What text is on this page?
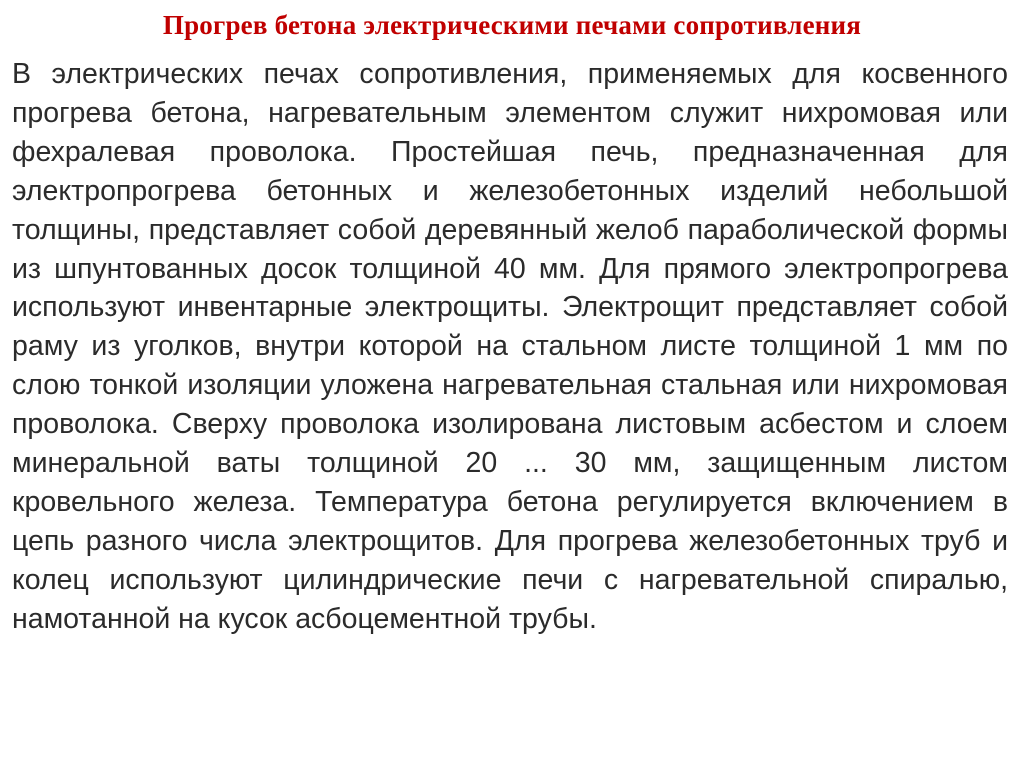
Прогрев бетона электрическими печами сопротивления

В электрических печах сопротивления, применяемых для косвенного прогрева бетона, нагревательным элементом служит нихромовая или фехралевая проволока. Простейшая печь, предназначенная для электропрогрева бетонных и железобетонных изделий небольшой толщины, представляет собой деревянный желоб параболической формы из шпунтованных досок толщиной 40 мм. Для прямого электропрогрева используют инвентарные электрощиты. Электрощит представляет собой раму из уголков, внутри которой на стальном листе толщиной 1 мм по слою тонкой изоляции уложена нагревательная стальная или нихромовая проволока. Сверху проволока изолирована листовым асбестом и слоем минеральной ваты толщиной 20 ... 30 мм, защищенным листом кровельного железа. Температура бетона регулируется включением в цепь разного числа электрощитов. Для прогрева железобетонных труб и колец используют цилиндрические печи с нагревательной спиралью, намотанной на кусок асбоцементной трубы.
